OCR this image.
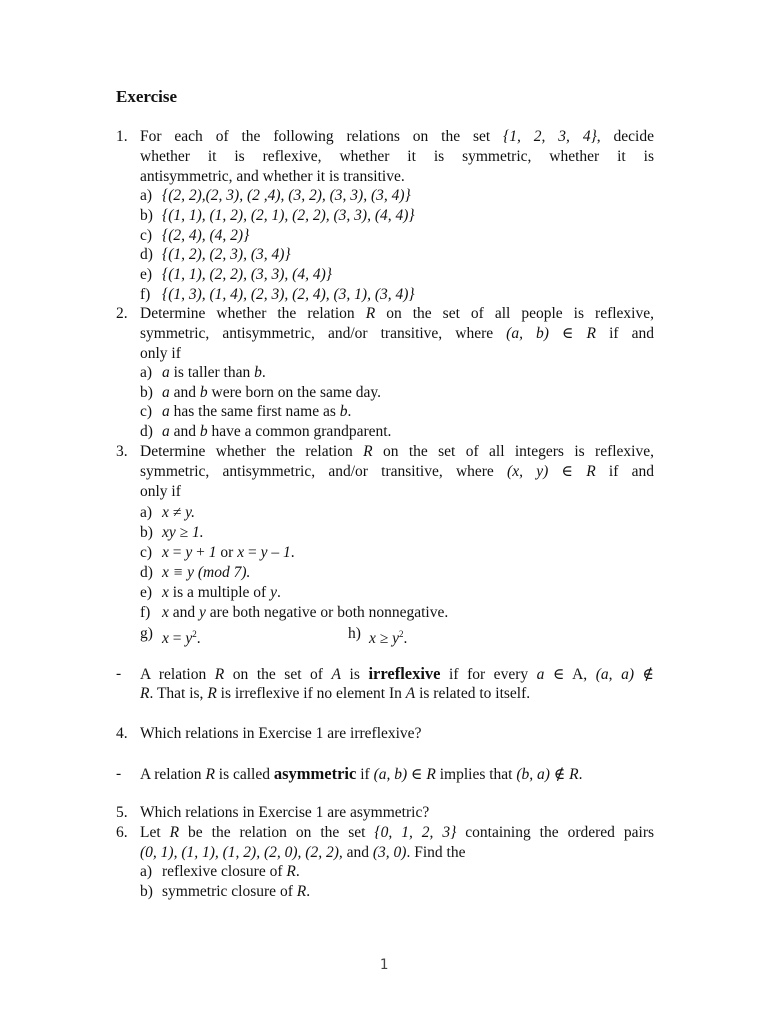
Exercise
1. For each of the following relations on the set {1, 2, 3, 4}, decide
whether it is reflexive, whether it is symmetric, whether it is
antisymmetric, and whether it is transitive.
a) {(2, 2),(2, 3), (2 ,4), (3, 2), (3, 3), (3, 4)}
b) {(1, 1), (1, 2), (2, 1), (2, 2), (3, 3), (4, 4)}
c) {(2, 4), (4, 2)}
d) {(1, 2), (2, 3), (3, 4)}
e) {(1, 1), (2, 2), (3, 3), (4, 4)}
f) {(1, 3), (1, 4), (2, 3), (2, 4), (3, 1), (3, 4)}
2. Determine whether the relation R on the set of all people is reflexive,
symmetric, antisymmetric, and/or transitive, where (a, b) ∈ R if and
only if
a) a is taller than b.
b) a and b were born on the same day.
c) a has the same first name as b.
d) a and b have a common grandparent.
3. Determine whether the relation R on the set of all integers is reflexive,
symmetric, antisymmetric, and/or transitive, where (x, y) ∈ R if and
only if
a) x ≠ y.
b) xy ≥ 1.
c) x = y + 1 or x = y – 1.
d) x ≡ y (mod 7).
e) x is a multiple of y.
f) x and y are both negative or both nonnegative.
g) $x = y^2$.	h) $x \ge y^2$.
- A relation R on the set of A is irreflexive if for every a ∈ A, (a, a) ∉
R. That is, R is irreflexive if no element In A is related to itself.
4. Which relations in Exercise 1 are irreflexive?
- A relation R is called asymmetric if (a, b) ∈ R implies that (b, a) ∉ R.
5. Which relations in Exercise 1 are asymmetric?
6. Let R be the relation on the set {0, 1, 2, 3} containing the ordered pairs
(0, 1), (1, 1), (1, 2), (2, 0), (2, 2), and (3, 0). Find the
a) reflexive closure of R.
b) symmetric closure of R.
1
